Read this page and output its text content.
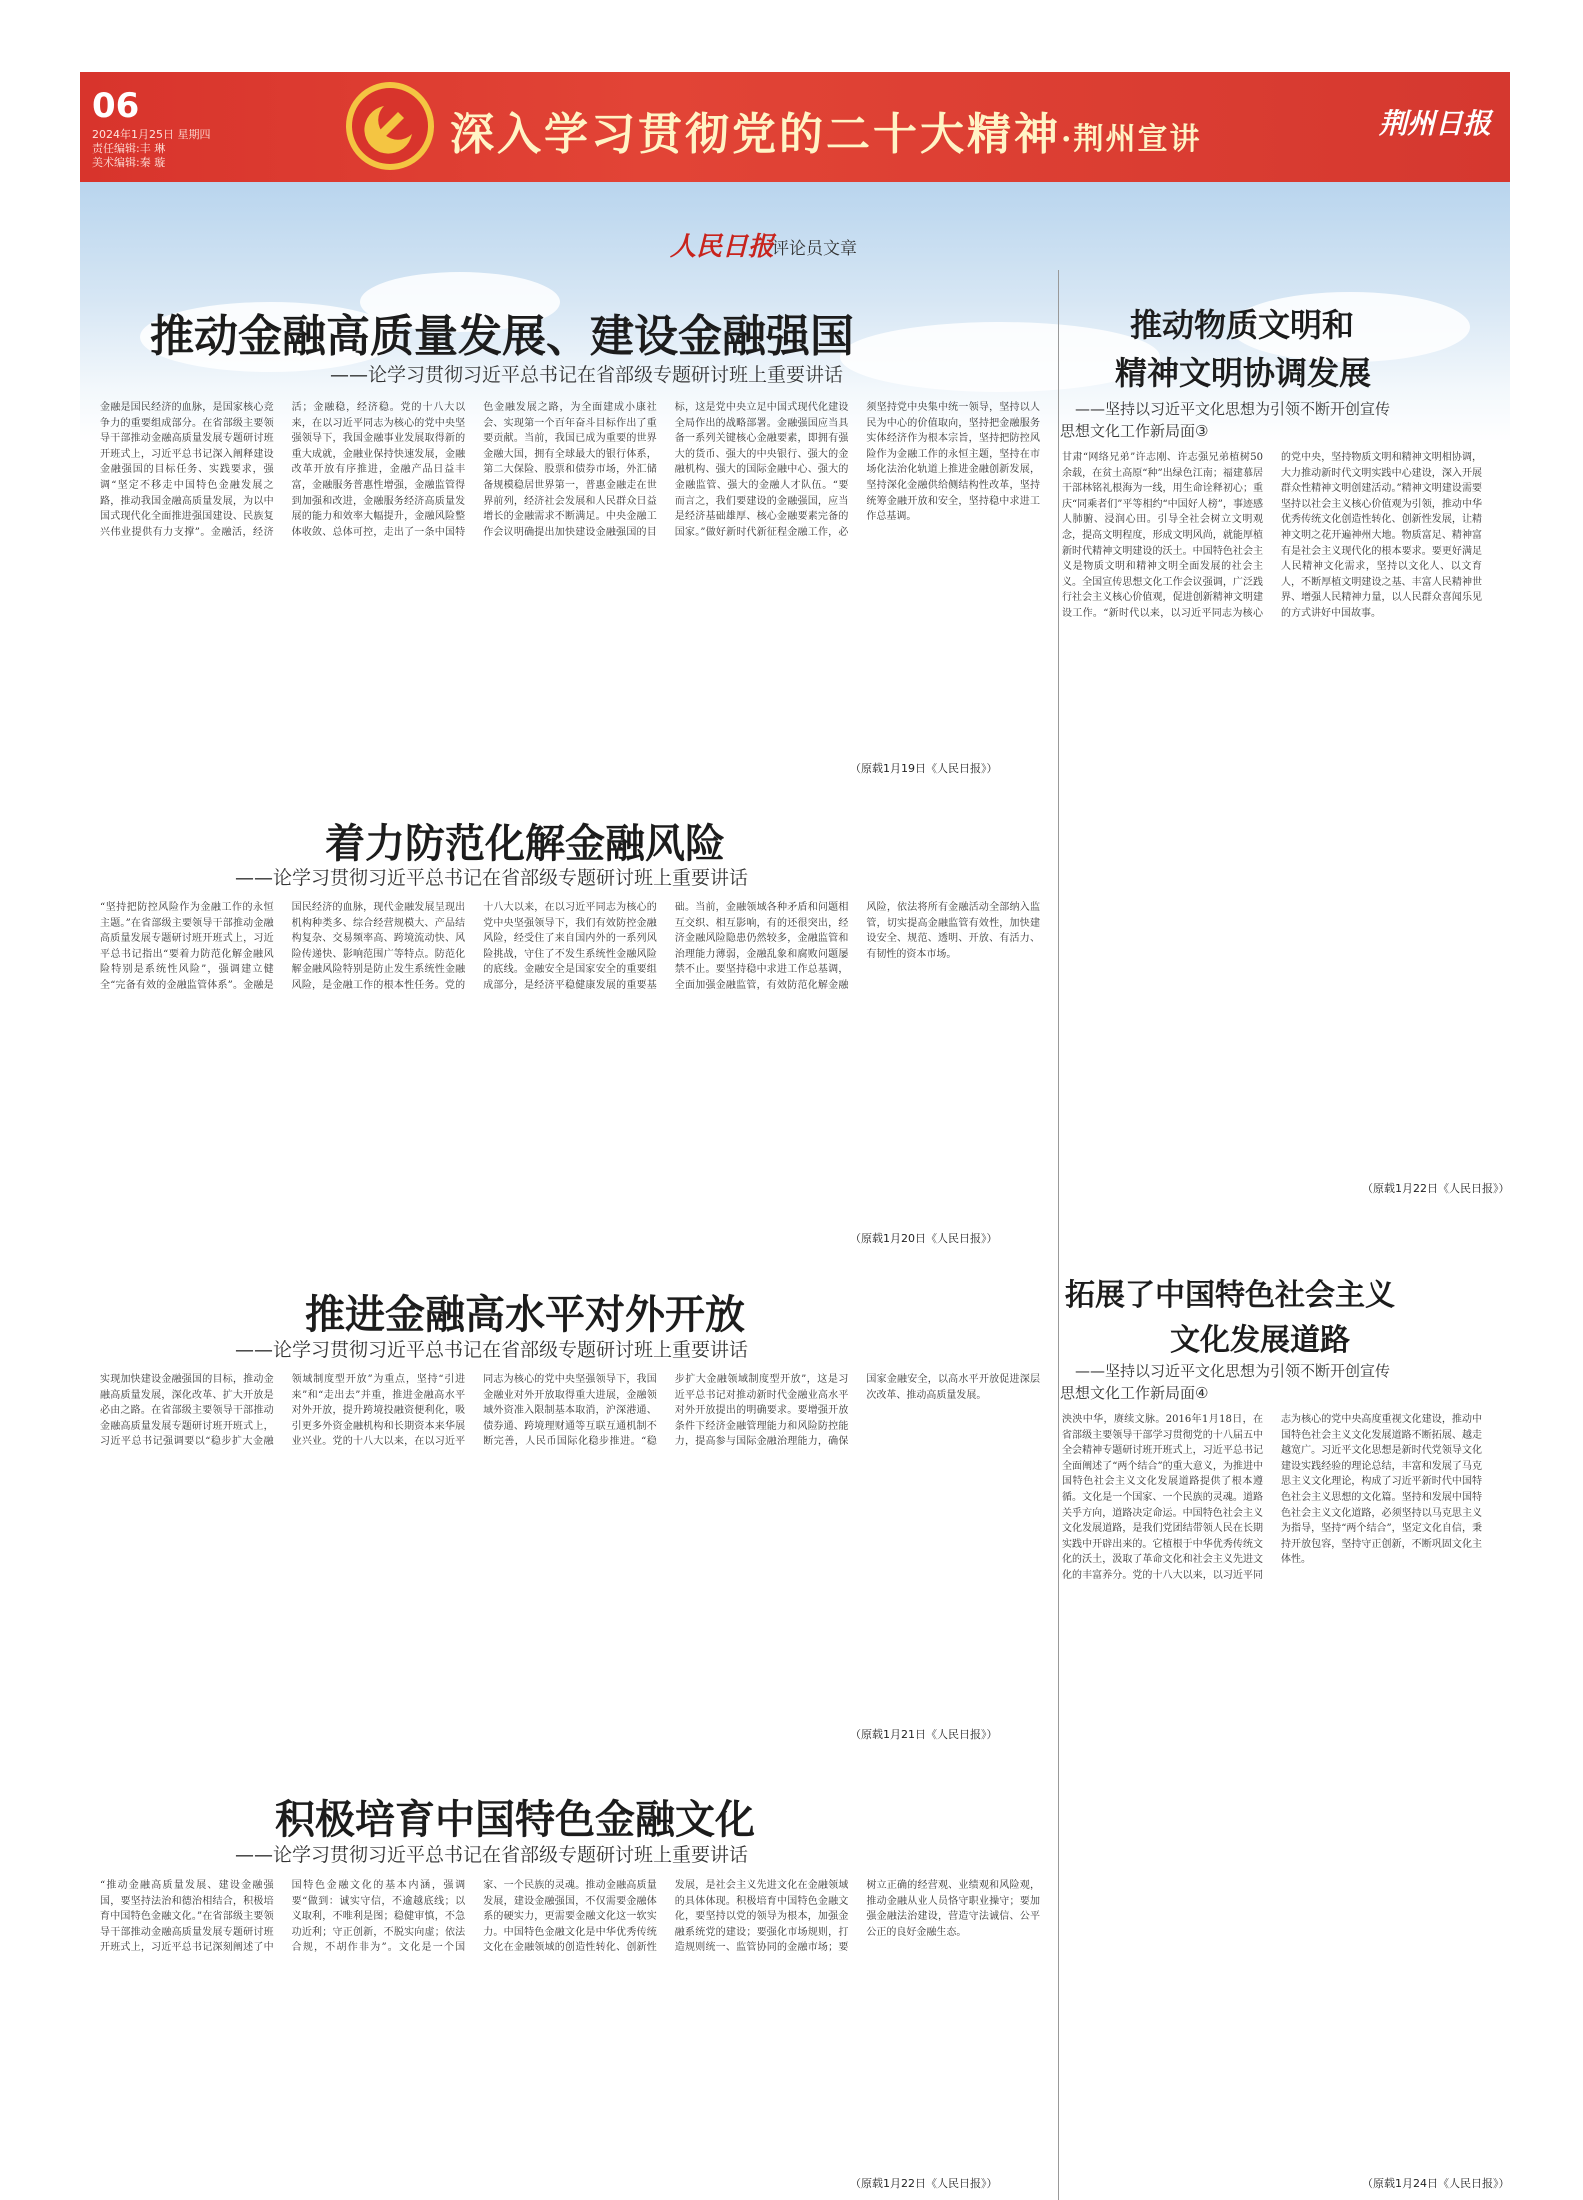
06
2024年1月25日 星期四
责任编辑:丰 琳
美术编辑:秦 璇
深入学习贯彻党的二十大精神·荆州宣讲	荆州日报
人民日报
评论员文章
推动金融高质量发展、建设金融强国
——论学习贯彻习近平总书记在省部级专题研讨班上重要讲话
金融是国民经济的血脉，是国家核心竞争力的重要组成部分。在省部级主要领导干部推动金融高质量发展专题研讨班开班式上，习近平总书记深入阐释建设金融强国的目标任务、实践要求，强调“坚定不移走中国特色金融发展之路，推动我国金融高质量发展，为以中国式现代化全面推进强国建设、民族复兴伟业提供有力支撑”。金融活，经济活；金融稳，经济稳。党的十八大以来，在以习近平同志为核心的党中央坚强领导下，我国金融事业发展取得新的重大成就，金融业保持快速发展，金融改革开放有序推进，金融产品日益丰富，金融服务普惠性增强，金融监管得到加强和改进，金融服务经济高质量发展的能力和效率大幅提升，金融风险整体收敛、总体可控，走出了一条中国特色金融发展之路，为全面建成小康社会、实现第一个百年奋斗目标作出了重要贡献。当前，我国已成为重要的世界金融大国，拥有全球最大的银行体系，第二大保险、股票和债券市场，外汇储备规模稳居世界第一，普惠金融走在世界前列，经济社会发展和人民群众日益增长的金融需求不断满足。中央金融工作会议明确提出加快建设金融强国的目标，这是党中央立足中国式现代化建设全局作出的战略部署。金融强国应当具备一系列关键核心金融要素，即拥有强大的货币、强大的中央银行、强大的金融机构、强大的国际金融中心、强大的金融监管、强大的金融人才队伍。“要而言之，我们要建设的金融强国，应当是经济基础雄厚、核心金融要素完备的国家。”做好新时代新征程金融工作，必须坚持党中央集中统一领导，坚持以人民为中心的价值取向，坚持把金融服务实体经济作为根本宗旨，坚持把防控风险作为金融工作的永恒主题，坚持在市场化法治化轨道上推进金融创新发展，坚持深化金融供给侧结构性改革，坚持统筹金融开放和安全，坚持稳中求进工作总基调。
（原载1月19日《人民日报》）
着力防范化解金融风险
——论学习贯彻习近平总书记在省部级专题研讨班上重要讲话
“坚持把防控风险作为金融工作的永恒主题。”在省部级主要领导干部推动金融高质量发展专题研讨班开班式上，习近平总书记指出“要着力防范化解金融风险特别是系统性风险”，强调建立健全“完备有效的金融监管体系”。金融是国民经济的血脉，现代金融发展呈现出机构种类多、综合经营规模大、产品结构复杂、交易频率高、跨境流动快、风险传递快、影响范围广等特点。防范化解金融风险特别是防止发生系统性金融风险，是金融工作的根本性任务。党的十八大以来，在以习近平同志为核心的党中央坚强领导下，我们有效防控金融风险，经受住了来自国内外的一系列风险挑战，守住了不发生系统性金融风险的底线。金融安全是国家安全的重要组成部分，是经济平稳健康发展的重要基础。当前，金融领域各种矛盾和问题相互交织、相互影响，有的还很突出，经济金融风险隐患仍然较多，金融监管和治理能力薄弱，金融乱象和腐败问题屡禁不止。要坚持稳中求进工作总基调，全面加强金融监管，有效防范化解金融风险，依法将所有金融活动全部纳入监管，切实提高金融监管有效性，加快建设安全、规范、透明、开放、有活力、有韧性的资本市场。
（原载1月20日《人民日报》）
推进金融高水平对外开放
——论学习贯彻习近平总书记在省部级专题研讨班上重要讲话
实现加快建设金融强国的目标，推动金融高质量发展，深化改革、扩大开放是必由之路。在省部级主要领导干部推动金融高质量发展专题研讨班开班式上，习近平总书记强调要以“稳步扩大金融领域制度型开放”为重点，坚持“引进来”和“走出去”并重，推进金融高水平对外开放，提升跨境投融资便利化，吸引更多外资金融机构和长期资本来华展业兴业。党的十八大以来，在以习近平同志为核心的党中央坚强领导下，我国金融业对外开放取得重大进展，金融领域外资准入限制基本取消，沪深港通、债券通、跨境理财通等互联互通机制不断完善，人民币国际化稳步推进。“稳步扩大金融领域制度型开放”，这是习近平总书记对推动新时代金融业高水平对外开放提出的明确要求。要增强开放条件下经济金融管理能力和风险防控能力，提高参与国际金融治理能力，确保国家金融安全，以高水平开放促进深层次改革、推动高质量发展。
（原载1月21日《人民日报》）
积极培育中国特色金融文化
——论学习贯彻习近平总书记在省部级专题研讨班上重要讲话
“推动金融高质量发展、建设金融强国，要坚持法治和德治相结合，积极培育中国特色金融文化。”在省部级主要领导干部推动金融高质量发展专题研讨班开班式上，习近平总书记深刻阐述了中国特色金融文化的基本内涵，强调要“做到：诚实守信，不逾越底线；以义取利，不唯利是图；稳健审慎，不急功近利；守正创新，不脱实向虚；依法合规，不胡作非为”。文化是一个国家、一个民族的灵魂。推动金融高质量发展，建设金融强国，不仅需要金融体系的硬实力，更需要金融文化这一软实力。中国特色金融文化是中华优秀传统文化在金融领域的创造性转化、创新性发展，是社会主义先进文化在金融领域的具体体现。积极培育中国特色金融文化，要坚持以党的领导为根本，加强金融系统党的建设；要强化市场规则，打造规则统一、监管协同的金融市场；要树立正确的经营观、业绩观和风险观，推动金融从业人员恪守职业操守；要加强金融法治建设，营造守法诚信、公平公正的良好金融生态。
（原载1月22日《人民日报》）
推动物质文明和
精神文明协调发展
——坚持以习近平文化思想为引领不断开创宣传
思想文化工作新局面③
甘肃“网络兄弟”许志刚、许志强兄弟植树50余载，在贫土高原“种”出绿色江南；福建慕居干部林铭礼根海为一线，用生命诠释初心；重庆“同乘者们”平等相约“中国好人榜”，事迹感人肺腑、浸润心田。引导全社会树立文明观念，提高文明程度，形成文明风尚，就能厚植新时代精神文明建设的沃土。中国特色社会主义是物质文明和精神文明全面发展的社会主义。全国宣传思想文化工作会议强调，广泛践行社会主义核心价值观，促进创新精神文明建设工作。“新时代以来，以习近平同志为核心的党中央，坚持物质文明和精神文明相协调，大力推动新时代文明实践中心建设，深入开展群众性精神文明创建活动。”精神文明建设需要坚持以社会主义核心价值观为引领，推动中华优秀传统文化创造性转化、创新性发展，让精神文明之花开遍神州大地。物质富足、精神富有是社会主义现代化的根本要求。要更好满足人民精神文化需求，坚持以文化人、以文育人，不断厚植文明建设之基、丰富人民精神世界、增强人民精神力量，以人民群众喜闻乐见的方式讲好中国故事。
（原载1月22日《人民日报》）
拓展了中国特色社会主义
文化发展道路
——坚持以习近平文化思想为引领不断开创宣传
思想文化工作新局面④
泱泱中华，赓续文脉。2016年1月18日，在省部级主要领导干部学习贯彻党的十八届五中全会精神专题研讨班开班式上，习近平总书记全面阐述了“两个结合”的重大意义，为推进中国特色社会主义文化发展道路提供了根本遵循。文化是一个国家、一个民族的灵魂。道路关乎方向，道路决定命运。中国特色社会主义文化发展道路，是我们党团结带领人民在长期实践中开辟出来的。它植根于中华优秀传统文化的沃土，汲取了革命文化和社会主义先进文化的丰富养分。党的十八大以来，以习近平同志为核心的党中央高度重视文化建设，推动中国特色社会主义文化发展道路不断拓展、越走越宽广。习近平文化思想是新时代党领导文化建设实践经验的理论总结，丰富和发展了马克思主义文化理论，构成了习近平新时代中国特色社会主义思想的文化篇。坚持和发展中国特色社会主义文化道路，必须坚持以马克思主义为指导，坚持“两个结合”，坚定文化自信，秉持开放包容，坚持守正创新，不断巩固文化主体性。
（原载1月24日《人民日报》）
